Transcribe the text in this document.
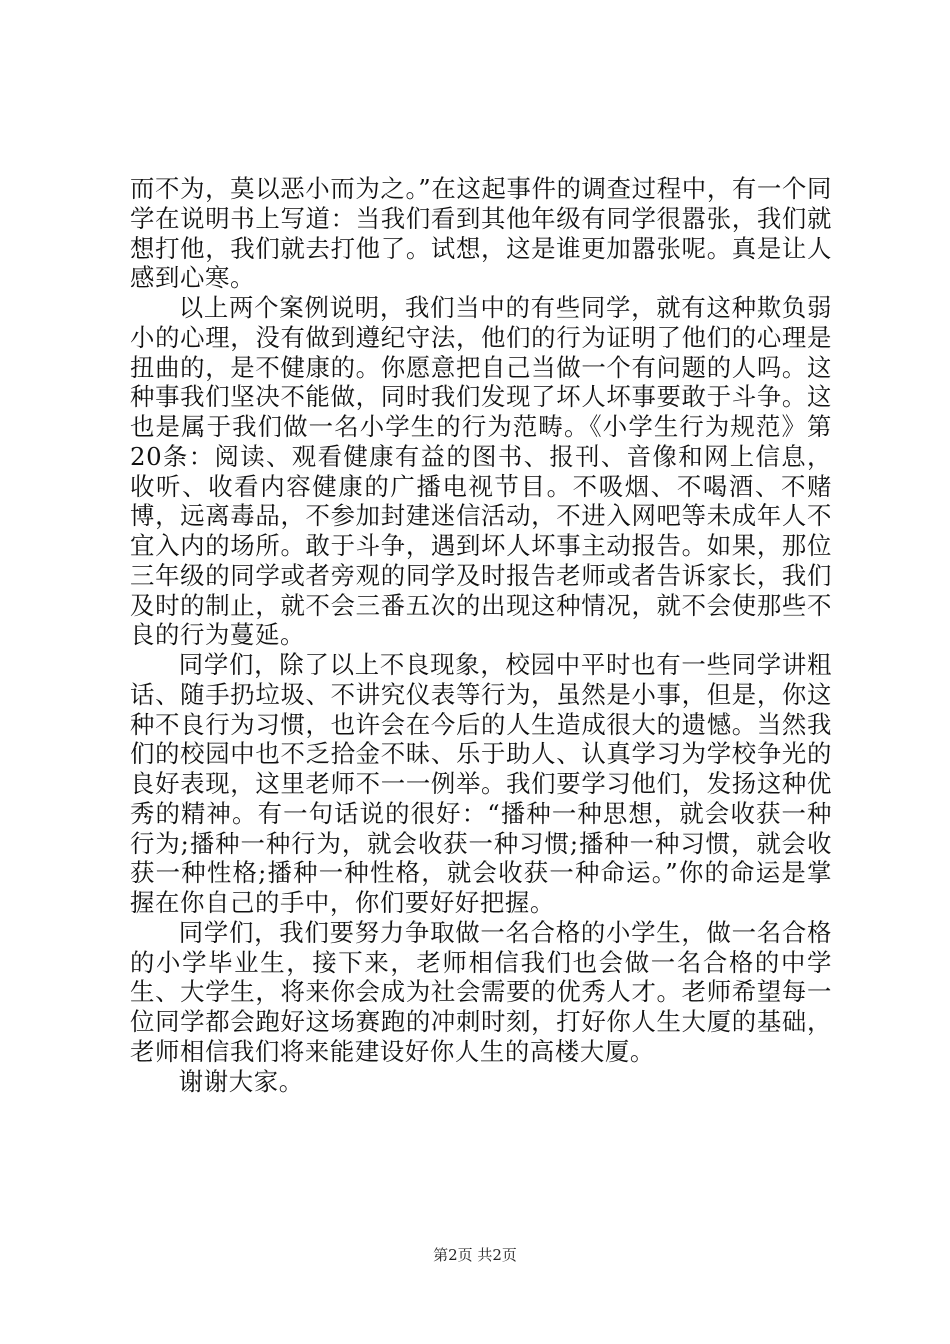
而不为，莫以恶小而为之。”在这起事件的调查过程中，有一个同学在说明书上写道：当我们看到其他年级有同学很嚣张，我们就想打他，我们就去打他了。试想，这是谁更加嚣张呢。真是让人感到心寒。

以上两个案例说明，我们当中的有些同学，就有这种欺负弱小的心理，没有做到遵纪守法，他们的行为证明了他们的心理是扭曲的，是不健康的。你愿意把自己当做一个有问题的人吗。这种事我们坚决不能做，同时我们发现了坏人坏事要敢于斗争。这也是属于我们做一名小学生的行为范畴。《小学生行为规范》第20条：阅读、观看健康有益的图书、报刊、音像和网上信息，收听、收看内容健康的广播电视节目。不吸烟、不喝酒、不赌博，远离毒品，不参加封建迷信活动，不进入网吧等未成年人不宜入内的场所。敢于斗争，遇到坏人坏事主动报告。如果，那位三年级的同学或者旁观的同学及时报告老师或者告诉家长，我们及时的制止，就不会三番五次的出现这种情况，就不会使那些不良的行为蔓延。

同学们，除了以上不良现象，校园中平时也有一些同学讲粗话、随手扔垃圾、不讲究仪表等行为，虽然是小事，但是，你这种不良行为习惯，也许会在今后的人生造成很大的遗憾。当然我们的校园中也不乏拾金不昧、乐于助人、认真学习为学校争光的良好表现，这里老师不一一例举。我们要学习他们，发扬这种优秀的精神。有一句话说的很好：“播种一种思想，就会收获一种行为;播种一种行为，就会收获一种习惯;播种一种习惯，就会收获一种性格;播种一种性格，就会收获一种命运。”你的命运是掌握在你自己的手中，你们要好好把握。

同学们，我们要努力争取做一名合格的小学生，做一名合格的小学毕业生，接下来，老师相信我们也会做一名合格的中学生、大学生，将来你会成为社会需要的优秀人才。老师希望每一位同学都会跑好这场赛跑的冲刺时刻，打好你人生大厦的基础，老师相信我们将来能建设好你人生的高楼大厦。

谢谢大家。

第2页 共2页
